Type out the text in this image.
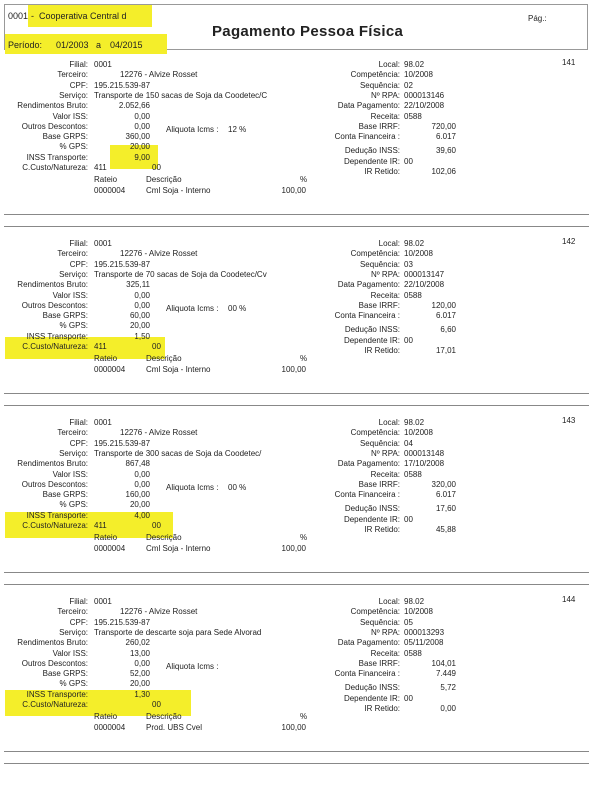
0001 - Cooperativa Central d	Pág.:
Pagamento Pessoa Física
Período: 01/2003 a 04/2015
141
Filial: 0001
Terceiro:	12276 - Alvize Rosset
CPF: 195.215.539-87
Serviço: Transporte de 150 sacas de Soja da Coodetec/C
Rendimentos Bruto:	2.052,66
Valor ISS:	0,00
Outros Descontos:	0,00
Base GRPS:	360,00
% GPS:	20,00
INSS Transporte:	9,00
C.Custo/Natureza: 411	00
Aliquota Icms : 12 %
Local: 98.02
Competência: 10/2008
Sequência: 02
Nº RPA: 000013146
Data Pagamento: 22/10/2008
Receita: 0588
Base IRRF:	720,00
Conta Financeira :	6.017
Dedução INSS:	39,60
Dependente IR: 00
IR Retido:	102,06
Rateio	Descrição	%
0000004	Cml Soja - Interno	100,00
142
Filial: 0001
Terceiro:	12276 - Alvize Rosset
CPF: 195.215.539-87
Serviço: Transporte de 70 sacas de Soja da Coodetec/Cv
Rendimentos Bruto:	325,11
Valor ISS:	0,00
Outros Descontos:	0,00
Base GRPS:	60,00
% GPS:	20,00
INSS Transporte:	1,50
C.Custo/Natureza: 411	00
Aliquota Icms : 00 %
Local: 98.02
Competência: 10/2008
Sequência: 03
Nº RPA: 000013147
Data Pagamento: 22/10/2008
Receita: 0588
Base IRRF:	120,00
Conta Financeira :	6.017
Dedução INSS:	6,60
Dependente IR: 00
IR Retido:	17,01
Rateio	Descrição	%
0000004	Cml Soja - Interno	100,00
143
Filial: 0001
Terceiro:	12276 - Alvize Rosset
CPF: 195.215.539-87
Serviço: Transporte de 300 sacas de Soja da Coodetec/
Rendimentos Bruto:	867,48
Valor ISS:	0,00
Outros Descontos:	0,00
Base GRPS:	160,00
% GPS:	20,00
INSS Transporte:	4,00
C.Custo/Natureza: 411	00
Aliquota Icms : 00 %
Local: 98.02
Competência: 10/2008
Sequência: 04
Nº RPA: 000013148
Data Pagamento: 17/10/2008
Receita: 0588
Base IRRF:	320,00
Conta Financeira :	6.017
Dedução INSS:	17,60
Dependente IR: 00
IR Retido:	45,88
Rateio	Descrição	%
0000004	Cml Soja - Interno	100,00
144
Filial: 0001
Terceiro:	12276 - Alvize Rosset
CPF: 195.215.539-87
Serviço: Transporte de descarte soja para Sede Alvorad
Rendimentos Bruto:	260,02
Valor ISS:	13,00
Outros Descontos:	0,00
Base GRPS:	52,00
% GPS:	20,00
INSS Transporte:	1,30
C.Custo/Natureza:	00
Aliquota Icms :
Local: 98.02
Competência: 10/2008
Sequência: 05
Nº RPA: 000013293
Data Pagamento: 05/11/2008
Receita: 0588
Base IRRF:	104,01
Conta Financeira :	7.449
Dedução INSS:	5,72
Dependente IR: 00
IR Retido:	0,00
Rateio	Descrição	%
0000004	Prod. UBS Cvel	100,00
